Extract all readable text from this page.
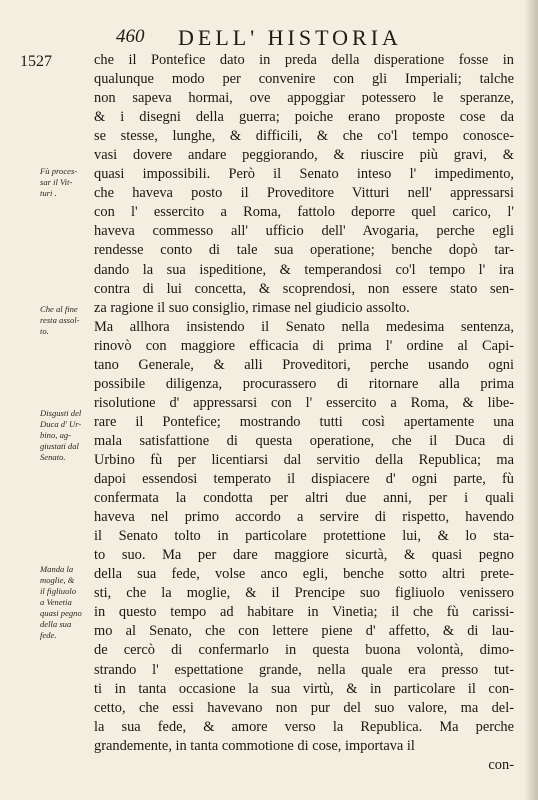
460 DELL' HISTORIA
1527	che il Pontefice dato in preda della disperatione fosse in
qualunque modo per convenire con gli Imperiali; talche
non sapeva hormai, ove appoggiar potessero le speranze,
& i disegni della guerra; poiche erano proposte cose da
se stesse, lunghe, & difficili, & che co'l tempo conosce-
vasi dovere andare peggiorando, & riuscire più gravi, &
quasi impossibili. Però il Senato inteso l' impedimento,
che haveva posto il Proveditore Vitturi nell' appressarsi
con l' essercito a Roma, fattolo deporre quel carico, l'
haveva commesso all' ufficio dell' Avogaria, perche egli
rendesse conto di tale sua operatione; benche dopò tar-
dando la sua ispeditione, & temperandosi co'l tempo l' ira
contra di lui concetta, & scoprendosi, non essere stato sen-
za ragione il suo consiglio, rimase nel giudicio assolto.
Ma allhora insistendo il Senato nella medesima sentenza,
rinovò con maggiore efficacia di prima l' ordine al Capi-
tano Generale, & alli Proveditori, perche usando ogni
possibile diligenza, procurassero di ritornare alla prima
risolutione d' appressarsi con l' essercito a Roma, & libe-
rare il Pontefice; mostrando tutti così apertamente una
mala satisfattione di questa operatione, che il Duca di
Urbino fù per licentiarsi dal servitio della Republica; ma
dapoi essendosi temperato il dispiacere d' ogni parte, fù
confermata la condotta per altri due anni, per i quali
haveva nel primo accordo a servire di rispetto, havendo
il Senato tolto in particolare protettione lui, & lo sta-
to suo. Ma per dare maggiore sicurtà, & quasi pegno
della sua fede, volse anco egli, benche sotto altri prete-
sti, che la moglie, & il Prencipe suo figliuolo venissero
in questo tempo ad habitare in Vinetia; il che fù carissi-
mo al Senato, che con lettere piene d' affetto, & di lau-
de cercò di confermarlo in questa buona volontà, dimo-
strando l' espettatione grande, nella quale era presso tut-
ti in tanta occasione la sua virtù, & in particolare il con-
cetto, che essi havevano non pur del suo valore, ma del-
la sua fede, & amore verso la Republica. Ma perche
grandemente, in tanta commotione di cose, importava il
con-
Fù proces-
sar il Vit-
turi .
Che al fine
resta assol-
to.
Disgusti del
Duca d' Ur-
bino, ag-
giustati dal
Senato.
Manda la
moglie, &
il figliuolo
a Venetia
quasi pegno
della sua
fede.
